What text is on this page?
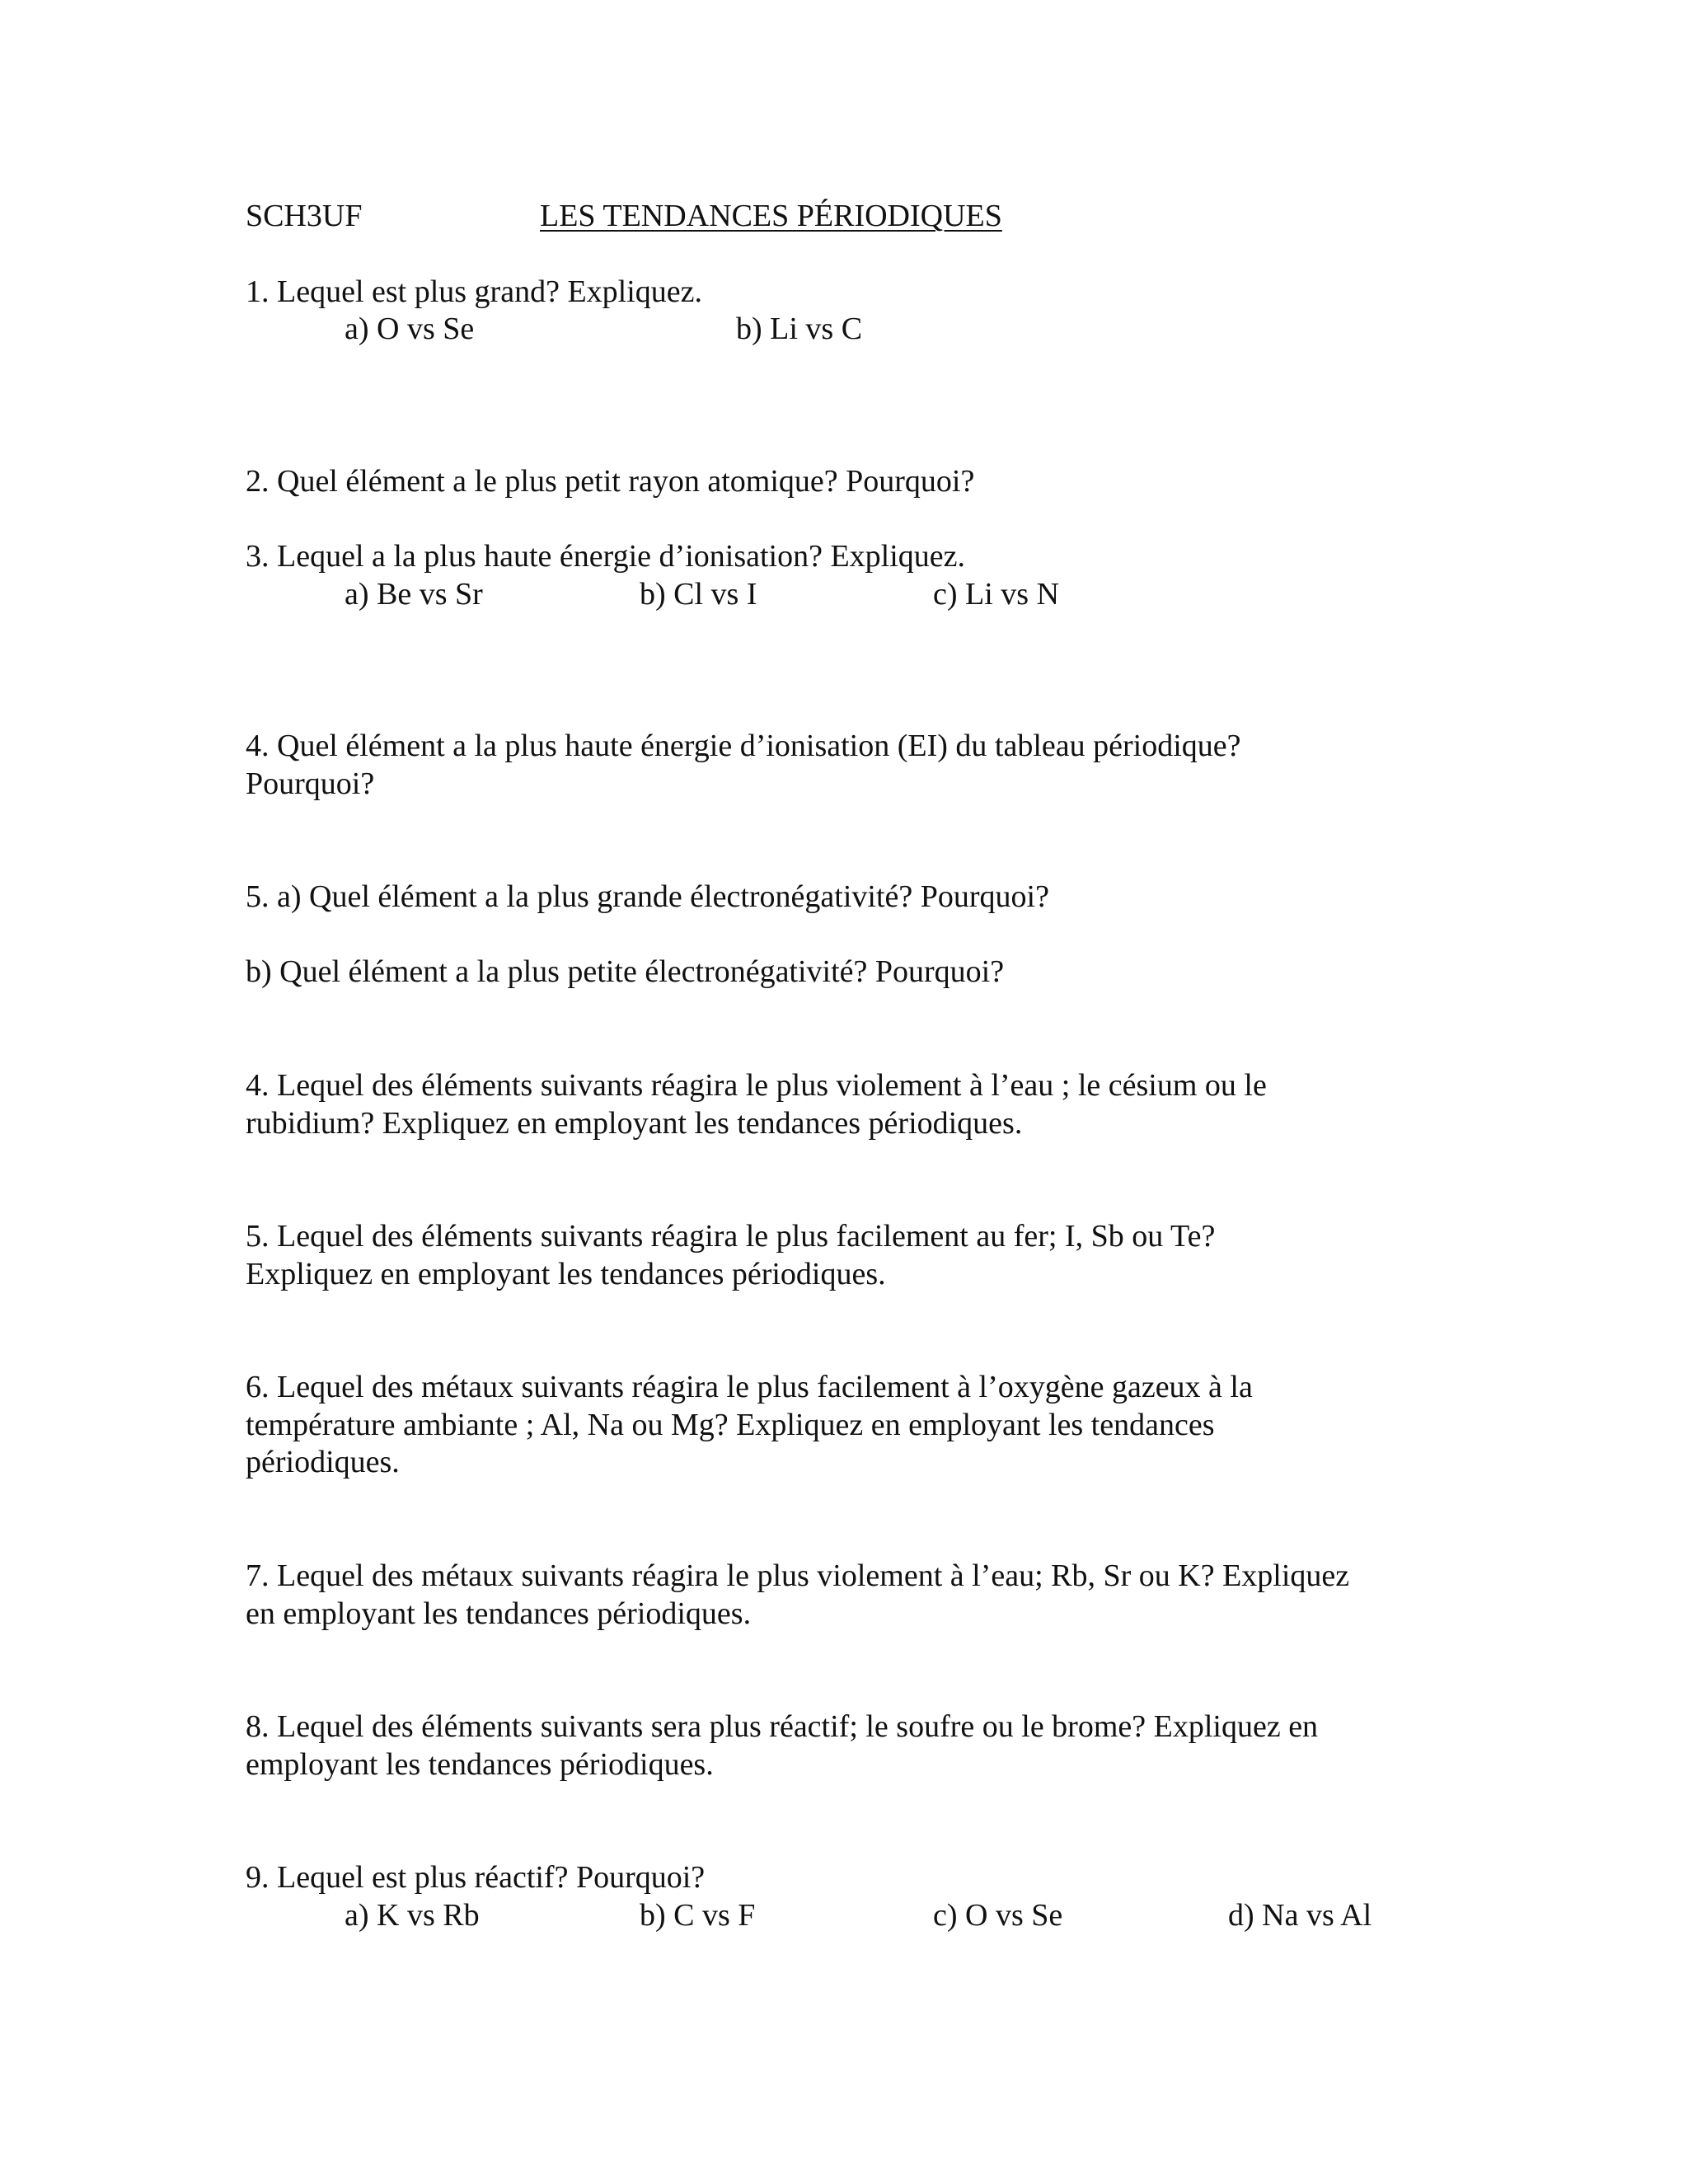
SCH3UF	LES TENDANCES PÉRIODIQUES
1. Lequel est plus grand? Expliquez.
a) O vs Se	b) Li vs C
2. Quel élément a le plus petit rayon atomique? Pourquoi?
3. Lequel a la plus haute énergie d’ionisation? Expliquez.
a) Be vs Sr	b) Cl vs I	c) Li vs N
4. Quel élément a la plus haute énergie d’ionisation (EI) du tableau périodique?
Pourquoi?
5. a) Quel élément a la plus grande électronégativité? Pourquoi?
b) Quel élément a la plus petite électronégativité? Pourquoi?
4. Lequel des éléments suivants réagira le plus violement à l’eau ; le césium ou le
rubidium? Expliquez en employant les tendances périodiques.
5. Lequel des éléments suivants réagira le plus facilement au fer; I, Sb ou Te?
Expliquez en employant les tendances périodiques.
6. Lequel des métaux suivants réagira le plus facilement à l’oxygène gazeux à la
température ambiante ; Al, Na ou Mg? Expliquez en employant les tendances
périodiques.
7. Lequel des métaux suivants réagira le plus violement à l’eau; Rb, Sr ou K? Expliquez
en employant les tendances périodiques.
8. Lequel des éléments suivants sera plus réactif; le soufre ou le brome? Expliquez en
employant les tendances périodiques.
9. Lequel est plus réactif? Pourquoi?
a) K vs Rb	b) C vs F	c) O vs Se	d) Na vs Al
